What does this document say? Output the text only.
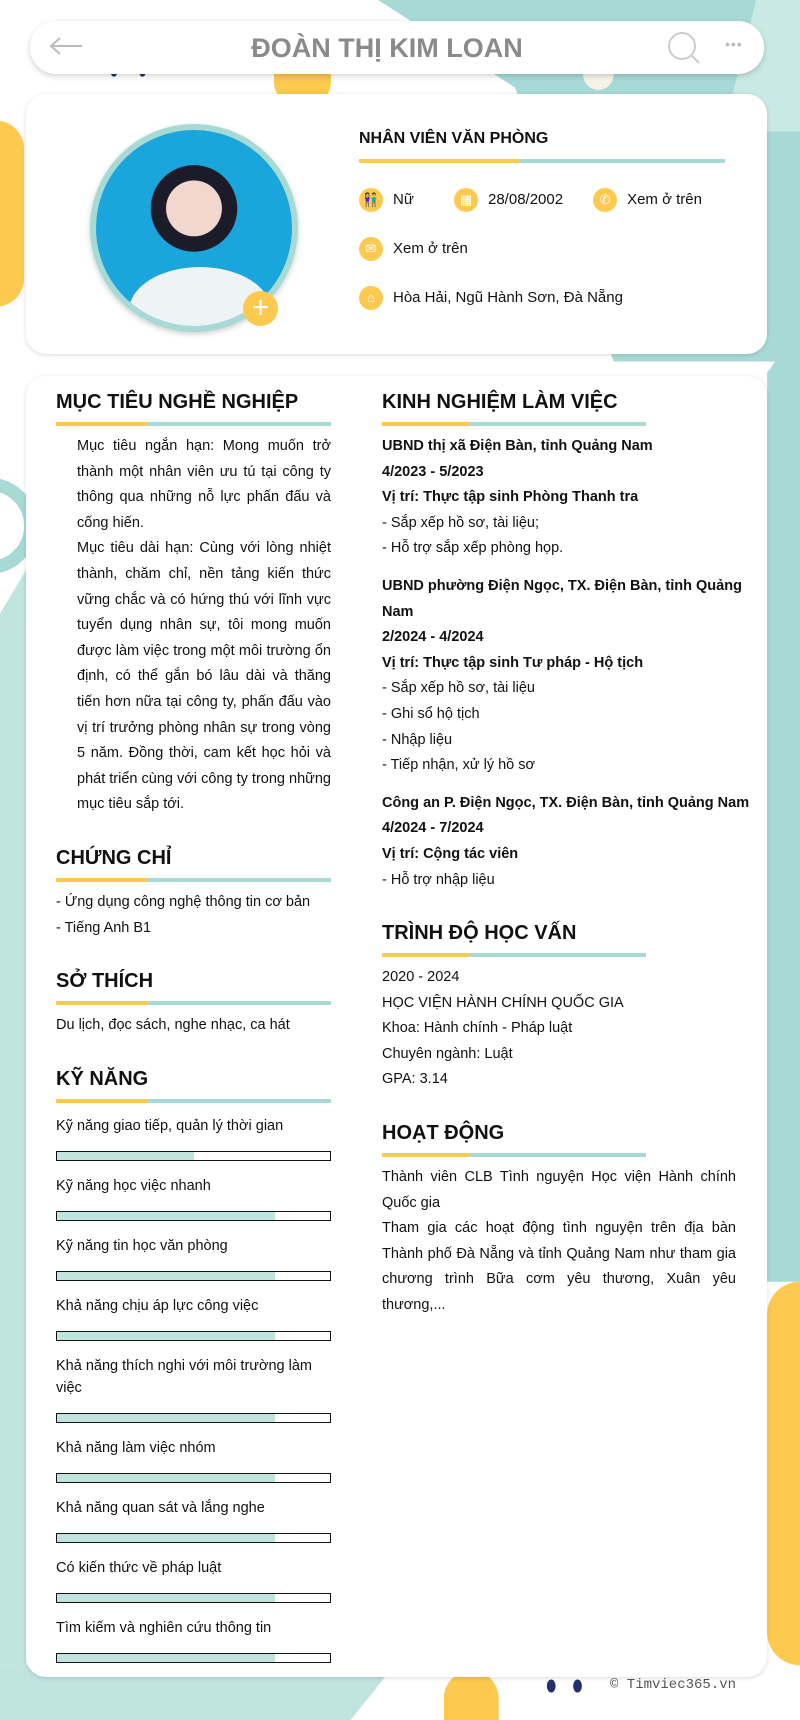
ĐOÀN THỊ KIM LOAN	•••
+
NHÂN VIÊN VĂN PHÒNG
👫 Nữ	▦	28/08/2002	✆	Xem ở trên
✉	Xem ở trên
⌂	Hòa Hải, Ngũ Hành Sơn, Đà Nẵng
MỤC TIÊU NGHỀ NGHIỆP

Mục tiêu ngắn hạn: Mong muốn trở thành một nhân viên ưu tú tại công ty thông qua những nỗ lực phấn đấu và cống hiến.

Mục tiêu dài hạn: Cùng với lòng nhiệt thành, chăm chỉ, nền tảng kiến thức vững chắc và có hứng thú với lĩnh vực tuyển dụng nhân sự, tôi mong muốn được làm việc trong một môi trường ổn định, có thể gắn bó lâu dài và thăng tiến hơn nữa tại công ty, phấn đấu vào vị trí trưởng phòng nhân sự trong vòng 5 năm. Đồng thời, cam kết học hỏi và phát triển cùng với công ty trong những mục tiêu sắp tới.

CHỨNG CHỈ
- Ứng dụng công nghệ thông tin cơ bản
- Tiếng Anh B1
SỞ THÍCH
Du lịch, đọc sách, nghe nhạc, ca hát
KỸ NĂNG
Kỹ năng giao tiếp, quản lý thời gian
Kỹ năng học việc nhanh
Kỹ năng tin học văn phòng
Khả năng chịu áp lực công việc
Khả năng thích nghi với môi trường làm việc
Khả năng làm việc nhóm
Khả năng quan sát và lắng nghe
Có kiến thức về pháp luật
Tìm kiếm và nghiên cứu thông tin
KINH NGHIỆM LÀM VIỆC
UBND thị xã Điện Bàn, tỉnh Quảng Nam
4/2023 - 5/2023
Vị trí: Thực tập sinh Phòng Thanh tra
- Sắp xếp hồ sơ, tài liệu;
- Hỗ trợ sắp xếp phòng họp.
UBND phường Điện Ngọc, TX. Điện Bàn, tỉnh Quảng Nam
2/2024 - 4/2024
Vị trí: Thực tập sinh Tư pháp - Hộ tịch
- Sắp xếp hồ sơ, tài liệu
- Ghi sổ hộ tịch
- Nhập liệu
- Tiếp nhận, xử lý hồ sơ
Công an P. Điện Ngọc, TX. Điện Bàn, tỉnh Quảng Nam
4/2024 - 7/2024
Vị trí: Cộng tác viên
- Hỗ trợ nhập liệu
TRÌNH ĐỘ HỌC VẤN
2020 - 2024
HỌC VIỆN HÀNH CHÍNH QUỐC GIA
Khoa: Hành chính - Pháp luật
Chuyên ngành: Luật
GPA: 3.14
HOẠT ĐỘNG
Thành viên CLB Tình nguyện Học viện Hành chính Quốc gia
Tham gia các hoạt động tình nguyện trên địa bàn Thành phố Đà Nẵng và tỉnh Quảng Nam như tham gia chương trình Bữa cơm yêu thương, Xuân yêu thương,...
© Timviec365.vn
